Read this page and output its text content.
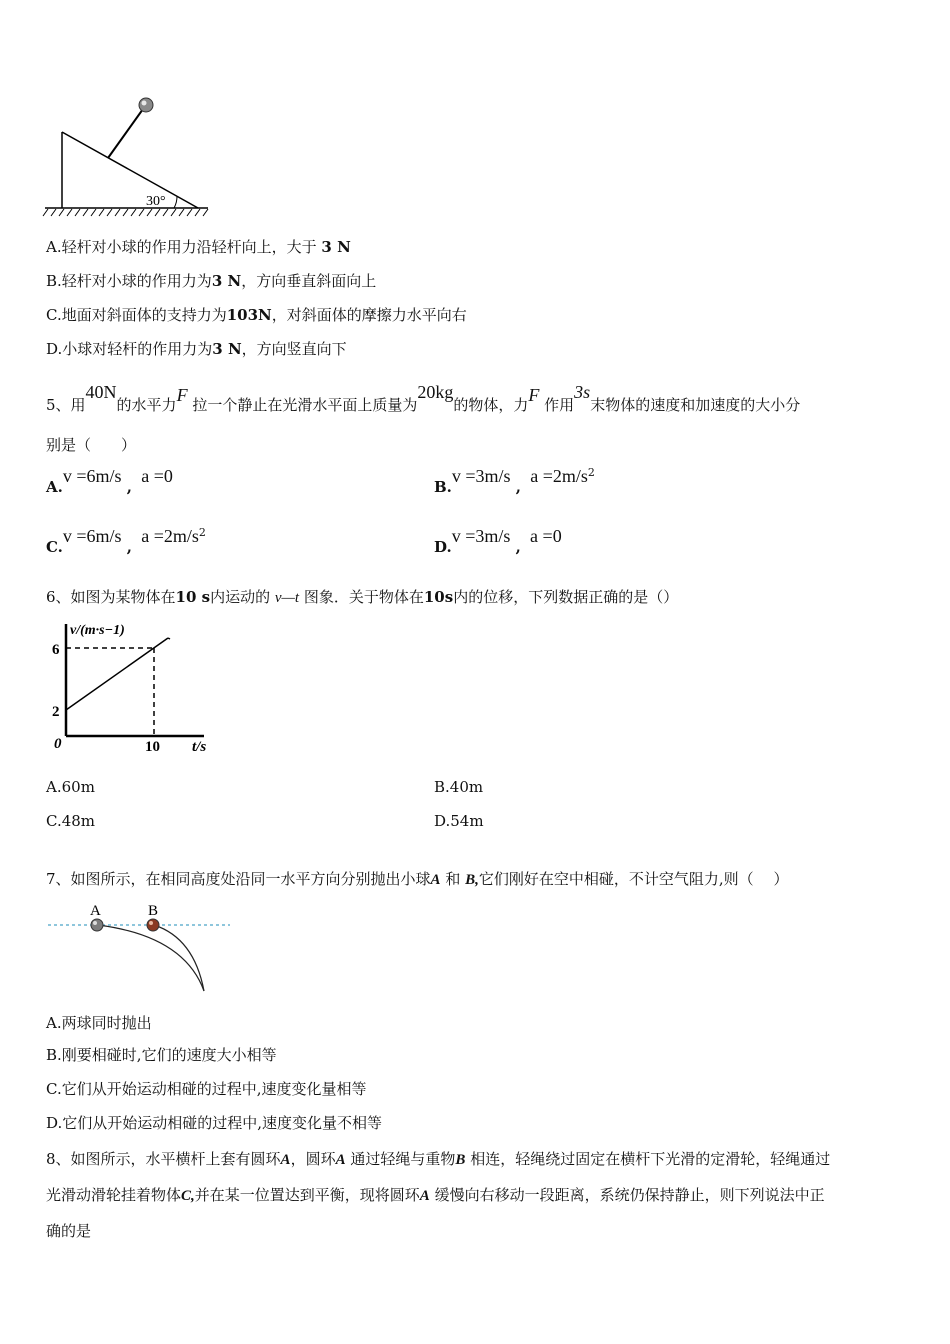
30°
A.轻杆对小球的作用力沿轻杆向上，大于 3 N
B.轻杆对小球的作用力为3 N，方向垂直斜面向上
C.地面对斜面体的支持力为103N，对斜面体的摩擦力水平向右
D.小球对轻杆的作用力为3 N，方向竖直向下
5、用40N的水平力F 拉一个静止在光滑水平面上质量为20kg的物体，力F 作用3s末物体的速度和加速度的大小分
别是（　　）
A.v =6m/s , a =0
B.v =3m/s , $a =2m/s^2$
C.v =6m/s , $a =2m/s^2$
D.v =3m/s , a =0
6、如图为某物体在10 s内运动的 v—t 图象．关于物体在10s内的位移，下列数据正确的是（）
v/(m·s−1)
6
2
0	10 t/s
A.60m	B.40m
C.48m	D.54m
7、如图所示，在相同高度处沿同一水平方向分别抛出小球A 和 B,它们刚好在空中相碰，不计空气阻力,则（　 ）
A	B
A.两球同时抛出
B.刚要相碰时,它们的速度大小相等
C.它们从开始运动相碰的过程中,速度变化量相等
D.它们从开始运动相碰的过程中,速度变化量不相等
8、如图所示，水平横杆上套有圆环A，圆环A 通过轻绳与重物B 相连，轻绳绕过固定在横杆下光滑的定滑轮，轻绳通过
光滑动滑轮挂着物体C,并在某一位置达到平衡，现将圆环A 缓慢向右移动一段距离，系统仍保持静止，则下列说法中正
确的是
